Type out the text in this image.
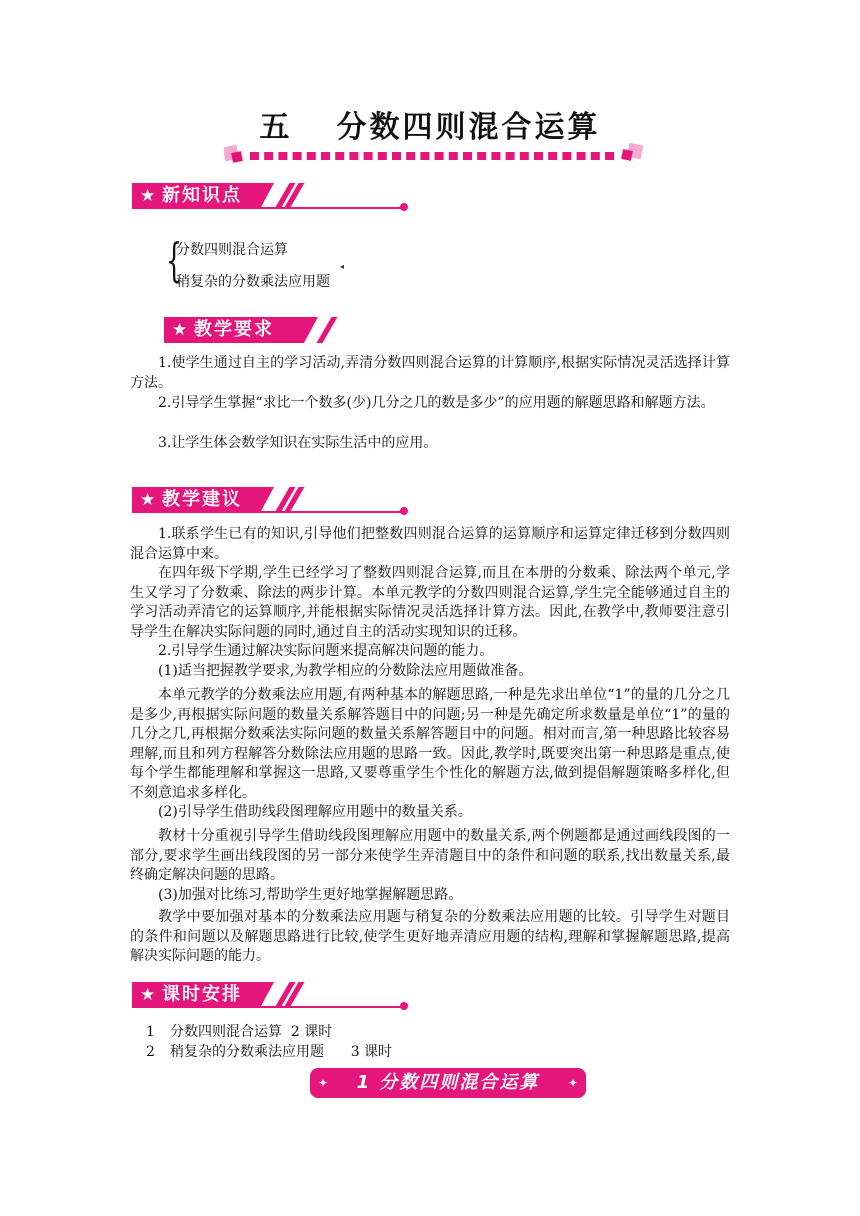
五 分数四则混合运算
★ 新知识点
{
分数四则混合运算
稍复杂的分数乘法应用题
◂
★ 教学要求
1.使学生通过自主的学习活动,弄清分数四则混合运算的计算顺序,根据实际情况灵活选择计算方法。
2.引导学生掌握“求比一个数多(少)几分之几的数是多少”的应用题的解题思路和解题方法。
3.让学生体会数学知识在实际生活中的应用。
★ 教学建议
1.联系学生已有的知识,引导他们把整数四则混合运算的运算顺序和运算定律迁移到分数四则混合运算中来。
在四年级下学期,学生已经学习了整数四则混合运算,而且在本册的分数乘、除法两个单元,学生又学习了分数乘、除法的两步计算。本单元教学的分数四则混合运算,学生完全能够通过自主的学习活动弄清它的运算顺序,并能根据实际情况灵活选择计算方法。因此,在教学中,教师要注意引导学生在解决实际问题的同时,通过自主的活动实现知识的迁移。
2.引导学生通过解决实际问题来提高解决问题的能力。
(1)适当把握教学要求,为教学相应的分数除法应用题做准备。
本单元教学的分数乘法应用题,有两种基本的解题思路,一种是先求出单位“1”的量的几分之几是多少,再根据实际问题的数量关系解答题目中的问题;另一种是先确定所求数量是单位“1”的量的几分之几,再根据分数乘法实际问题的数量关系解答题目中的问题。相对而言,第一种思路比较容易理解,而且和列方程解答分数除法应用题的思路一致。因此,教学时,既要突出第一种思路是重点,使每个学生都能理解和掌握这一思路,又要尊重学生个性化的解题方法,做到提倡解题策略多样化,但不刻意追求多样化。
(2)引导学生借助线段图理解应用题中的数量关系。
教材十分重视引导学生借助线段图理解应用题中的数量关系,两个例题都是通过画线段图的一部分,要求学生画出线段图的另一部分来使学生弄清题目中的条件和问题的联系,找出数量关系,最终确定解决问题的思路。
(3)加强对比练习,帮助学生更好地掌握解题思路。
教学中要加强对基本的分数乘法应用题与稍复杂的分数乘法应用题的比较。引导学生对题目的条件和问题以及解题思路进行比较,使学生更好地弄清应用题的结构,理解和掌握解题思路,提高解决实际问题的能力。
★ 课时安排
1 分数四则混合运算 2 课时
2 稍复杂的分数乘法应用题 3 课时
✦ 1 分数四则混合运算 ✦
